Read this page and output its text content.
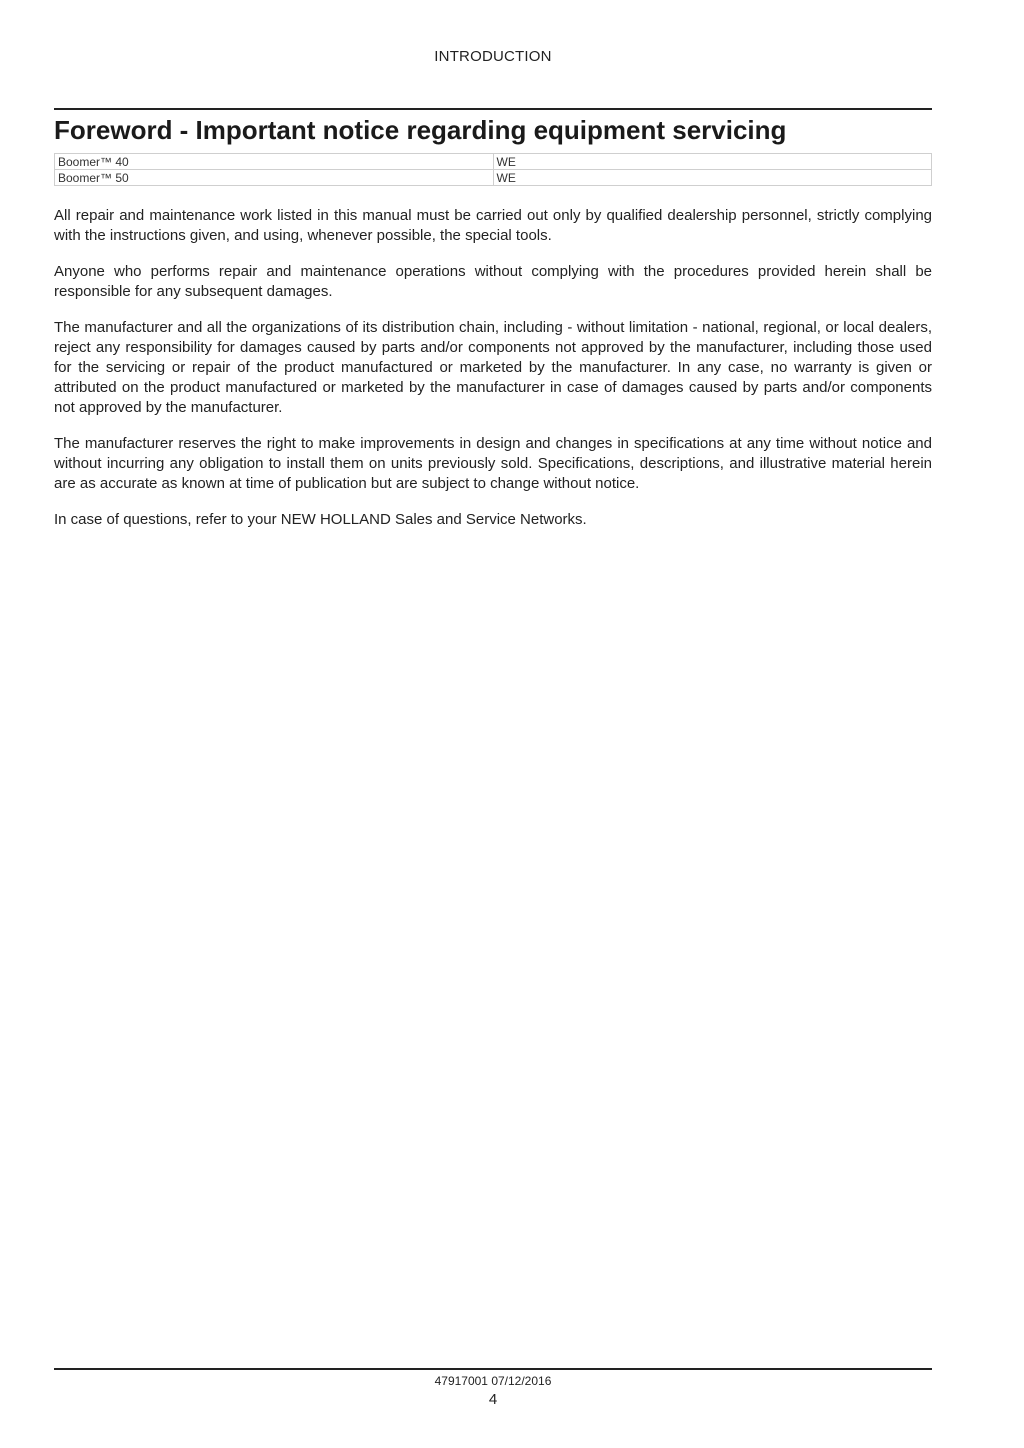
INTRODUCTION
Foreword - Important notice regarding equipment servicing
Boomer™ 40	WE
Boomer™ 50	WE

All repair and maintenance work listed in this manual must be carried out only by qualified dealership personnel, strictly complying with the instructions given, and using, whenever possible, the special tools.

Anyone who performs repair and maintenance operations without complying with the procedures provided herein shall be responsible for any subsequent damages.

The manufacturer and all the organizations of its distribution chain, including - without limitation - national, regional, or local dealers, reject any responsibility for damages caused by parts and/or components not approved by the manufacturer, including those used for the servicing or repair of the product manufactured or marketed by the manufacturer. In any case, no warranty is given or attributed on the product manufactured or marketed by the manufacturer in case of damages caused by parts and/or components not approved by the manufacturer.

The manufacturer reserves the right to make improvements in design and changes in specifications at any time without notice and without incurring any obligation to install them on units previously sold. Specifications, descriptions, and illustrative material herein are as accurate as known at time of publication but are subject to change without notice.

In case of questions, refer to your NEW HOLLAND Sales and Service Networks.

47917001 07/12/2016
4
